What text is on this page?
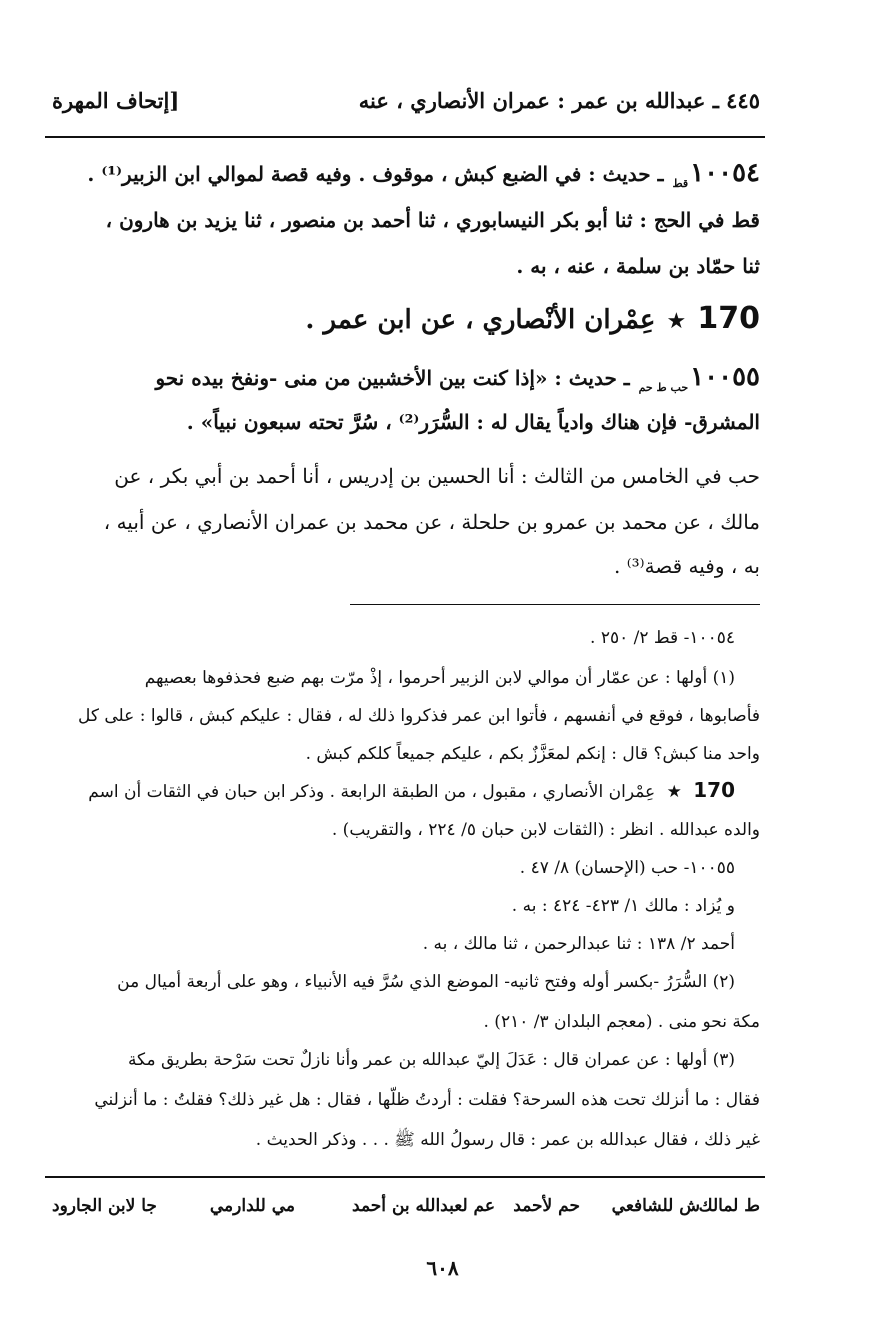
٤٤٥ ـ عبدالله بن عمر : عمران الأنصاري ، عنه
[إتحاف المهرة
$١٠٠٥٤_{قط}$ ـ حديث : في الضبع كبش ، موقوف . وفيه قصة لموالي ابن الزبير⁽¹⁾ .
قط في الحج : ثنا أبو بكر النيسابوري ، ثنا أحمد بن منصور ، ثنا يزيد بن هارون ،
ثنا حمّاد بن سلمة ، عنه ، به .
170 ★ عِمْران الأنْصاري ، عن ابن عمر .
$١٠٠٥٥_{حب ط حم}$ ـ حديث : «إذا كنت بين الأخشبين من منى -ونفخ بيده نحو
المشرق- فإن هناك وادياً يقال له : السُّرَر⁽²⁾ ، سُرَّ تحته سبعون نبياً» .
حب في الخامس من الثالث : أنا الحسين بن إدريس ، أنا أحمد بن أبي بكر ، عن
مالك ، عن محمد بن عمرو بن حلحلة ، عن محمد بن عمران الأنصاري ، عن أبيه ،
به ، وفيه قصة⁽³⁾ .
١٠٠٥٤- قط ٢/ ٢٥٠ .
(١) أولها : عن عمّار أن موالي لابن الزبير أحرموا ، إذْ مرّت بهم ضبع فحذفوها بعصيهم
فأصابوها ، فوقع في أنفسهم ، فأتوا ابن عمر فذكروا ذلك له ، فقال : عليكم كبش ، قالوا : على كل
واحد منا كبش؟ قال : إنكم لمعَزَّزٌ بكم ، عليكم جميعاً كلكم كبش .
170 ★ عِمْران الأنصاري ، مقبول ، من الطبقة الرابعة . وذكر ابن حبان في الثقات أن اسم
والده عبدالله . انظر : (الثقات لابن حبان ٥/ ٢٢٤ ، والتقريب) .
١٠٠٥٥- حب (الإحسان) ٨/ ٤٧ .
و يُزاد : مالك ١/ ٤٢٣- ٤٢٤ : به .
أحمد ٢/ ١٣٨ : ثنا عبدالرحمن ، ثنا مالك ، به .
(٢) السُّرَرُ -بكسر أوله وفتح ثانيه- الموضع الذي سُرَّ فيه الأنبياء ، وهو على أربعة أميال من
مكة نحو منى . (معجم البلدان ٣/ ٢١٠) .
(٣) أولها : عن عمران قال : عَدَلَ إليّ عبدالله بن عمر وأنا نازلٌ تحت سَرْحة بطريق مكة
فقال : ما أنزلك تحت هذه السرحة؟ فقلت : أردتُ ظلّها ، فقال : هل غير ذلك؟ فقلتُ : ما أنزلني
غير ذلك ، فقال عبدالله بن عمر : قال رسولُ الله ﷺ . . . وذكر الحديث .
ط لمالك
ش للشافعي
حم لأحمد
عم لعبدالله بن أحمد
مي للدارمي
جا لابن الجارود
٦٠٨
